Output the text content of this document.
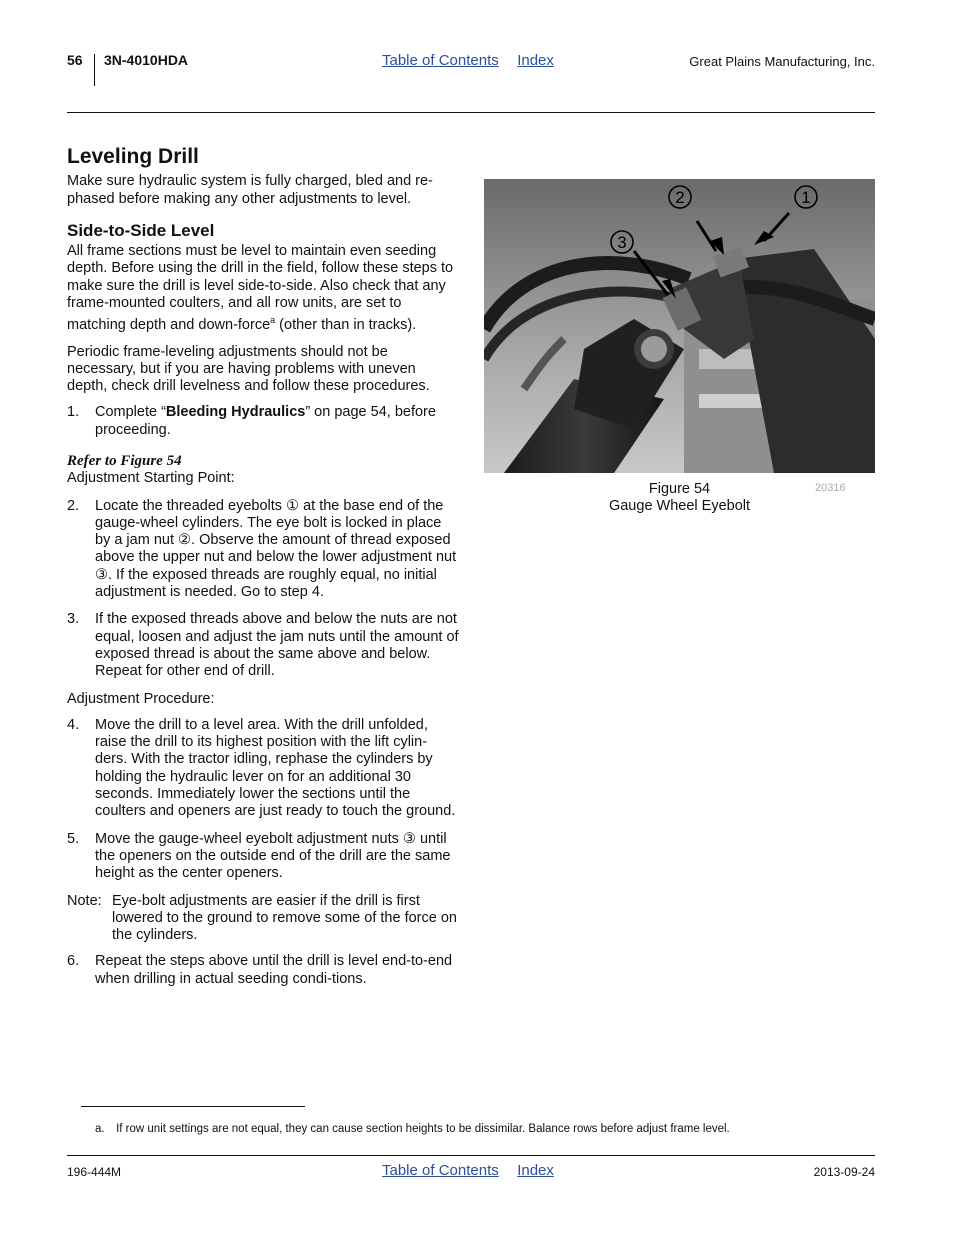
56 3N-4010HDA	Table of Contents Index	Great Plains Manufacturing, Inc.
Leveling Drill

Make sure hydraulic system is fully charged, bled and re-phased before making any other adjustments to level.

Side-to-Side Level

All frame sections must be level to maintain even seeding depth. Before using the drill in the field, follow these steps to make sure the drill is level side-to-side. Also check that any frame-mounted coulters, and all row units, are set to matching depth and down-force$^a$ (other than in tracks).

Periodic frame-leveling adjustments should not be necessary, but if you are having problems with uneven depth, check drill levelness and follow these procedures.

1. Complete “Bleeding Hydraulics” on page 54, before proceeding.
Refer to Figure 54

Adjustment Starting Point:

2. Locate the threaded eyebolts ① at the base end of the gauge-wheel cylinders. The eye bolt is locked in place by a jam nut ②. Observe the amount of thread exposed above the upper nut and below the lower adjustment nut ③. If the exposed threads are roughly equal, no initial adjustment is needed. Go to step 4.
3. If the exposed threads above and below the nuts are not equal, loosen and adjust the jam nuts until the amount of exposed thread is about the same above and below. Repeat for other end of drill.

Adjustment Procedure:

4. Move the drill to a level area. With the drill unfolded, raise the drill to its highest position with the lift cylin-ders. With the tractor idling, rephase the cylinders by holding the hydraulic lever on for an additional 30 seconds. Immediately lower the sections until the coulters and openers are just ready to touch the ground.
5. Move the gauge-wheel eyebolt adjustment nuts ③ until the openers on the outside end of the drill are the same height as the center openers.
Note: Eye-bolt adjustments are easier if the drill is first lowered to the ground to remove some of the force on the cylinders.
6. Repeat the steps above until the drill is level end-to-end when drilling in actual seeding condi-tions.
2	1
3
Figure 54
Gauge Wheel Eyebolt
20316
a. If row unit settings are not equal, they can cause section heights to be dissimilar. Balance rows before adjust frame level.
196-444M	Table of Contents Index	2013-09-24
